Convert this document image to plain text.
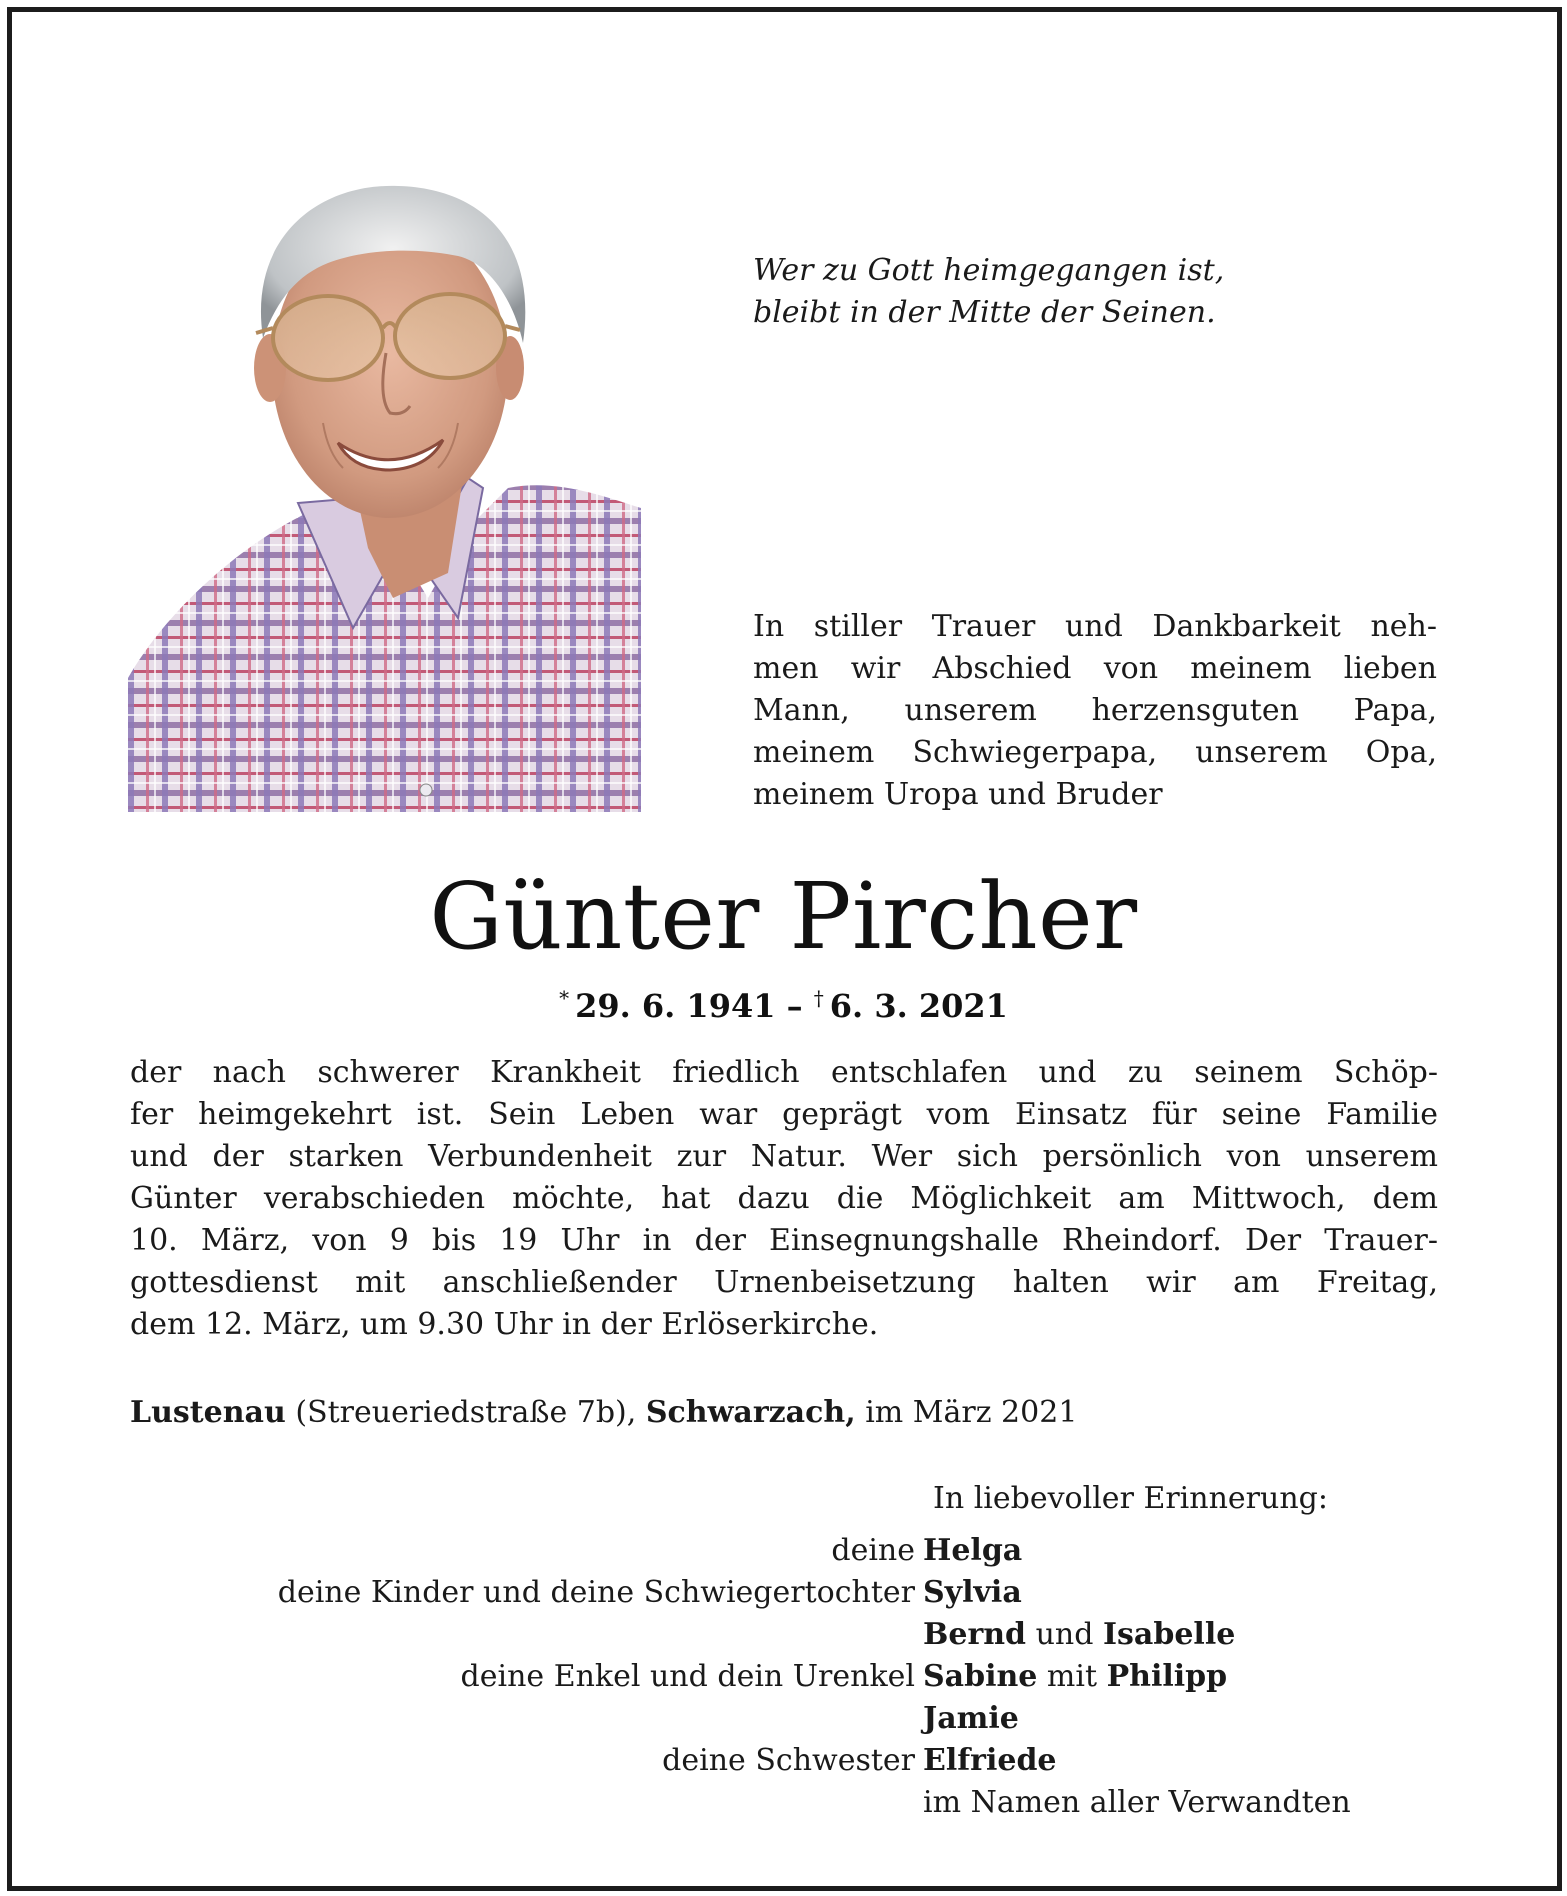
Wer zu Gott heimgegangen ist,
bleibt in der Mitte der Seinen.
In stiller Trauer und Dankbarkeit neh-
men wir Abschied von meinem lieben
Mann, unserem herzensguten Papa,
meinem Schwiegerpapa, unserem Opa,
meinem Uropa und Bruder
Günter Pircher
* 29. 6. 1941 – † 6. 3. 2021
der nach schwerer Krankheit friedlich entschlafen und zu seinem Schöp-
fer heimgekehrt ist. Sein Leben war geprägt vom Einsatz für seine Familie
und der starken Verbundenheit zur Natur. Wer sich persönlich von unserem
Günter verabschieden möchte, hat dazu die Möglichkeit am Mittwoch, dem
10. März, von 9 bis 19 Uhr in der Einsegnungshalle Rheindorf. Der Trauer-
gottesdienst mit anschließender Urnenbeisetzung halten wir am Freitag,
dem 12. März, um 9.30 Uhr in der Erlöserkirche.
Lustenau (Streueriedstraße 7b), Schwarzach, im März 2021
In liebevoller Erinnerung:
deine Helga
deine Kinder und deine Schwiegertochter Sylvia
Bernd und Isabelle
deine Enkel und dein Urenkel Sabine mit Philipp
Jamie
deine Schwester Elfriede
im Namen aller Verwandten
